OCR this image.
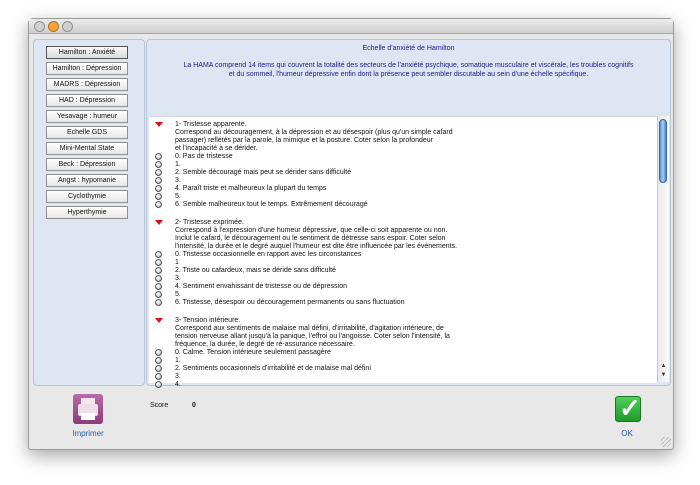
Hamilton : Anxiété
Hamilton : Dépression
MADRS : Dépression
HAD : Dépression
Yesavage : humeur
Echelle GDS
Mini-Mental State
Beck : Dépression
Angst : hypomanie
Cyclothymie
Hyperthymie
Echelle d'anxiété de Hamilton
La HAMA comprend 14 items qui couvrent la totalité des secteurs de l'anxiété psychique, somatique musculaire et viscérale, les troubles cognitifs
et du sommeil, l'humeur dépressive enfin dont la présence peut sembler discutable au sein d'une échelle spécifique.
1- Tristesse apparente.
Correspond au découragement, à la dépression et au désespoir (plus qu'un simple cafard
passager) reflétés par la parole, la mimique et la posture. Coter selon la profondeur
et l'incapacité à se dérider.
0. Pas de tristesse
1.
2. Semble découragé mais peut se dérider sans difficulté
3.
4. Paraît triste et malheureux la plupart du temps
5.
6. Semble malheureux tout le temps. Extrêmement découragé
2- Tristesse exprimée.
Correspond à l'expression d'une humeur dépressive, que celle-ci soit apparente ou non.
Inclut le cafard, le découragement ou le sentiment de détresse sans espoir. Coter selon
l'intensité, la durée et le degré auquel l'humeur est dite être influencée par les évènements.
0. Tristesse occasionnelle en rapport avec les circonstances
1
2. Triste ou cafardeux, mais se déride sans difficulté
3.
4. Sentiment envahissant de tristesse ou de dépression
5.
6. Tristesse, désespoir ou découragement permanents ou sans fluctuation
3- Tension intérieure.
Correspond aux sentiments de malaise mal défini, d'irritabilité, d'agitation intérieure, de
tension nerveuse allant jusqu'à la panique, l'effroi ou l'angoisse. Coter selon l'intensité, la
fréquence, la durée, le degré de ré-assurance nécessaire.
0. Calme. Tension intérieure seulement passagère
1.
2. Sentiments occasionnels d'irritabilité et de malaise mal défini
3.
4.
▲
▼
Imprimer
Score	0	✓
OK
